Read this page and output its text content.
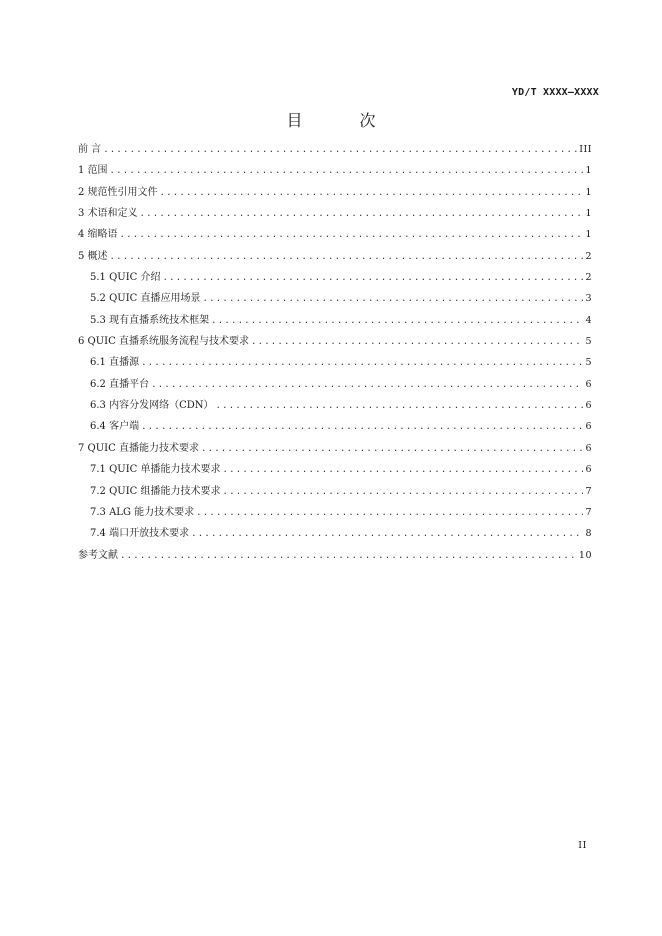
YD/T XXXX—XXXX
目 次
前 言 .....	III
1 范围 .....	1
2 规范性引用文件 .....	1
3 术语和定义 .....	1
4 缩略语 .....	1
5 概述 .....	2
5.1 QUIC 介绍 .....	2
5.2 QUIC 直播应用场景 .....	3
5.3 现有直播系统技术框架 .....	4
6 QUIC 直播系统服务流程与技术要求 .....	5
6.1 直播源 .....	5
6.2 直播平台 .....	6
6.3 内容分发网络（CDN） .....	6
6.4 客户端 .....	6
7 QUIC 直播能力技术要求 .....	6
7.1 QUIC 单播能力技术要求 .....	6
7.2 QUIC 组播能力技术要求 .....	7
7.3 ALG 能力技术要求 .....	7
7.4 端口开放技术要求 .....	8
参考文献 .....	10
II
